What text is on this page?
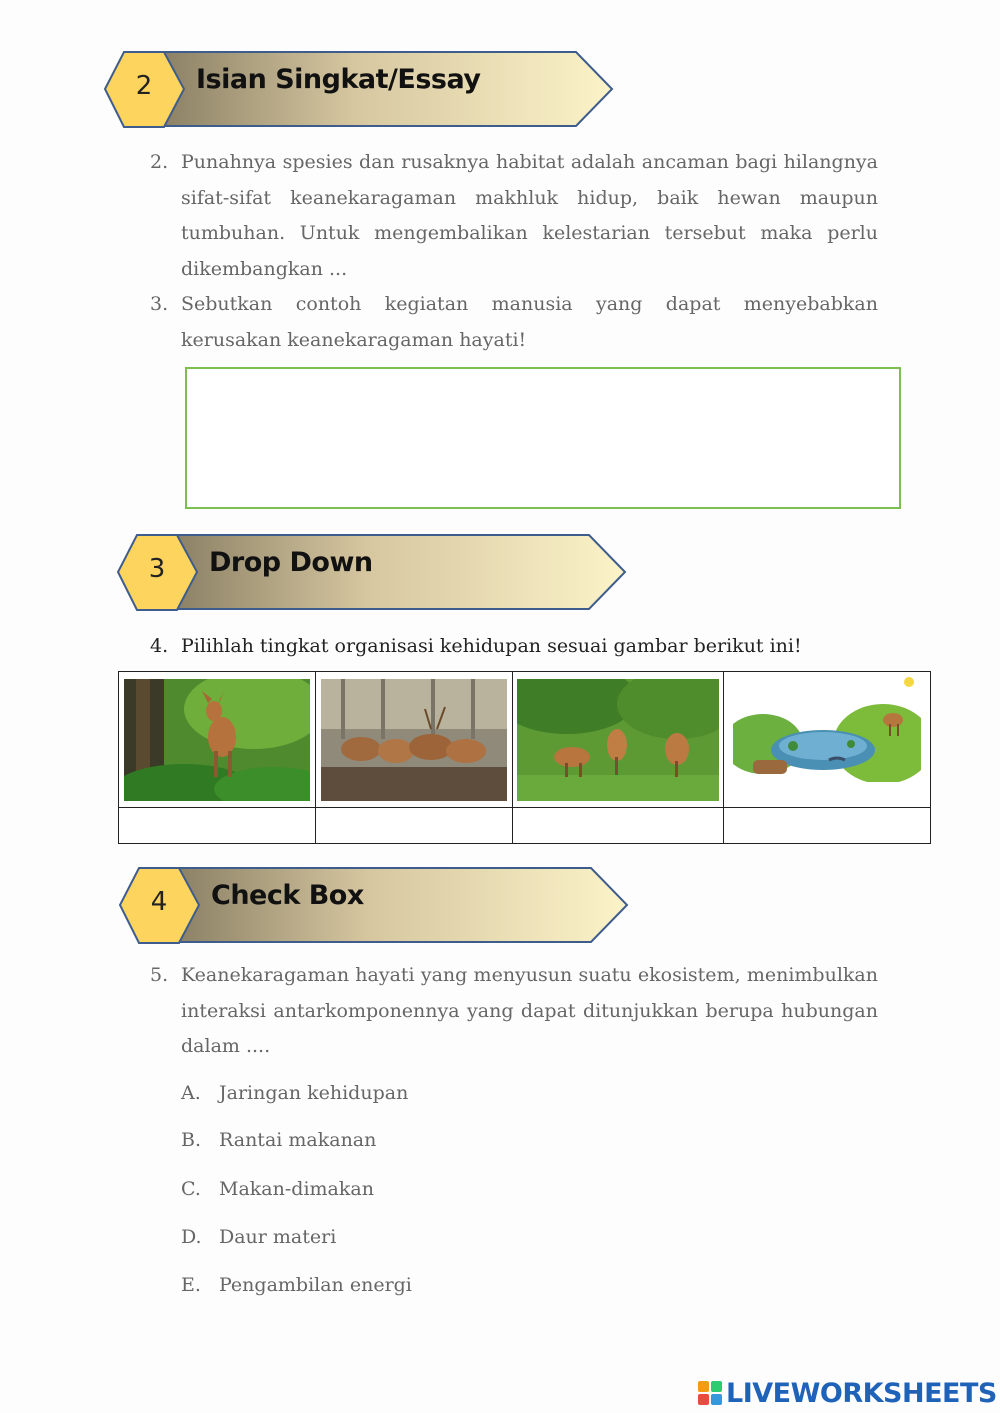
2	Isian Singkat/Essay
2. Punahnya spesies dan rusaknya habitat adalah ancaman bagi hilangnya sifat-sifat keanekaragaman makhluk hidup, baik hewan maupun tumbuhan. Untuk mengembalikan kelestarian tersebut maka perlu dikembangkan ...
3. Sebutkan contoh kegiatan manusia yang dapat menyebabkan kerusakan keanekaragaman hayati!
3	Drop Down
4. Pilihlah tingkat organisasi kehidupan sesuai gambar berikut ini!

4	Check Box
5. Keanekaragaman hayati yang menyusun suatu ekosistem, menimbulkan interaksi antarkomponennya yang dapat ditunjukkan berupa hubungan dalam ....
A. Jaringan kehidupan
B. Rantai makanan
C. Makan-dimakan
D. Daur materi
E. Pengambilan energi
LIVEWORKSHEETS
